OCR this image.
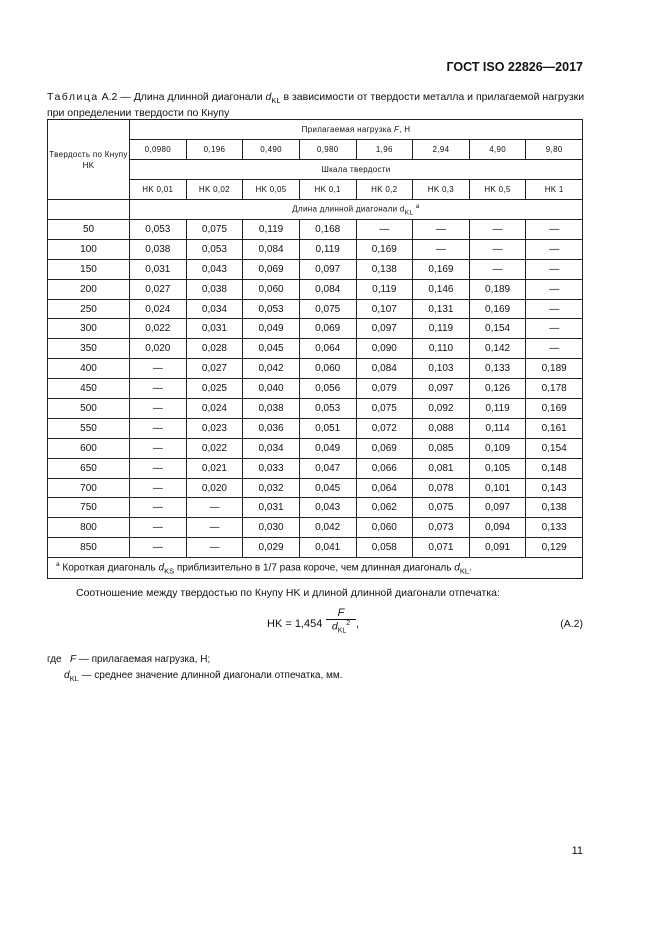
ГОСТ ISO 22826—2017
Таблица А.2 — Длина длинной диагонали $d_{KL}$ в зависимости от твердости металла и прилагаемой нагрузки при определении твердости по Кнупу
Твердость по Кнупу HK	Прилагаемая нагрузка F, Н							
	0,0980	0,196	0,490	0,980	1,96	2,94	4,90	9,80
	Шкала твердости							
	HK 0,01	HK 0,02	HK 0,05	HK 0,1	HK 0,2	HK 0,3	HK 0,5	HK 1
	Длина длинной диагонали $d_{KL}$ $^a$
50	0,053	0,075	0,119	0,168	—	—	—	—
100	0,038	0,053	0,084	0,119	0,169	—	—	—
150	0,031	0,043	0,069	0,097	0,138	0,169	—	—
200	0,027	0,038	0,060	0,084	0,119	0,146	0,189	—
250	0,024	0,034	0,053	0,075	0,107	0,131	0,169	—
300	0,022	0,031	0,049	0,069	0,097	0,119	0,154	—
350	0,020	0,028	0,045	0,064	0,090	0,110	0,142	—
400	—	0,027	0,042	0,060	0,084	0,103	0,133	0,189
450	—	0,025	0,040	0,056	0,079	0,097	0,126	0,178
500	—	0,024	0,038	0,053	0,075	0,092	0,119	0,169
550	—	0,023	0,036	0,051	0,072	0,088	0,114	0,161
600	—	0,022	0,034	0,049	0,069	0,085	0,109	0,154
650	—	0,021	0,033	0,047	0,066	0,081	0,105	0,148
700	—	0,020	0,032	0,045	0,064	0,078	0,101	0,143
750	—	—	0,031	0,043	0,062	0,075	0,097	0,138
800	—	—	0,030	0,042	0,060	0,073	0,094	0,133
850	—	—	0,029	0,041	0,058	0,071	0,091	0,129
$^a$ Короткая диагональ $d_{KS}$ приблизительно в 1/7 раза короче, чем длинная диагональ $d_{KL}$.								
Соотношение между твердостью по Кнупу HK и длиной длинной диагонали отпечатка:
HK = 1,454
F
$d_{KL}^2$ ,	(А.2)
где F — прилагаемая нагрузка, Н;
$d_{KL}$ — среднее значение длинной диагонали отпечатка, мм.
11
